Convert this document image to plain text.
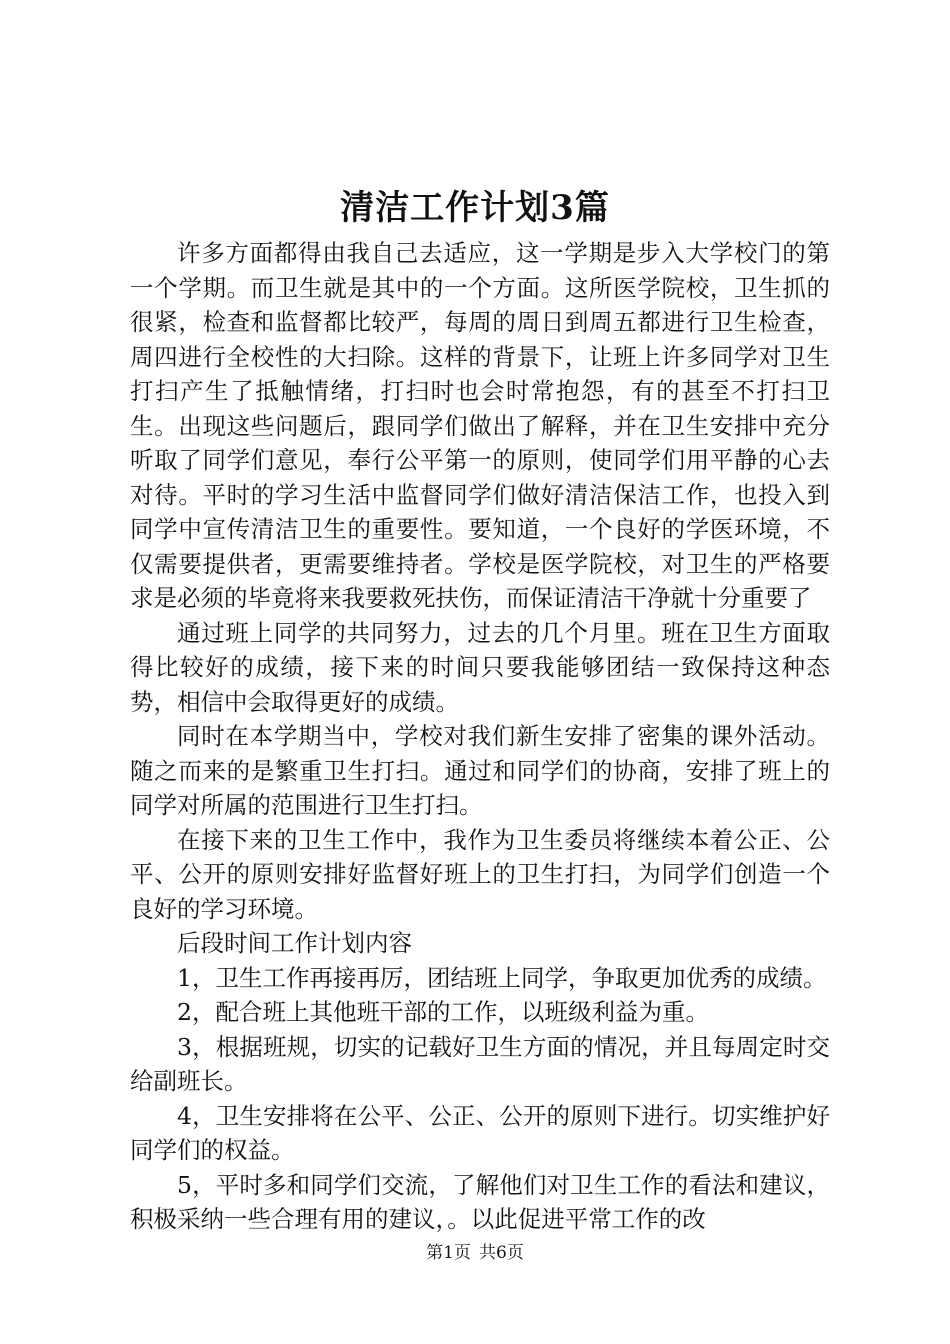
清洁工作计划3篇

许多方面都得由我自己去适应，这一学期是步入大学校门的第一个学期。而卫生就是其中的一个方面。这所医学院校，卫生抓的很紧，检查和监督都比较严，每周的周日到周五都进行卫生检查，周四进行全校性的大扫除。这样的背景下，让班上许多同学对卫生打扫产生了抵触情绪，打扫时也会时常抱怨，有的甚至不打扫卫生。出现这些问题后，跟同学们做出了解释，并在卫生安排中充分听取了同学们意见，奉行公平第一的原则，使同学们用平静的心去对待。平时的学习生活中监督同学们做好清洁保洁工作，也投入到同学中宣传清洁卫生的重要性。要知道，一个良好的学医环境，不仅需要提供者，更需要维持者。学校是医学院校，对卫生的严格要求是必须的毕竟将来我要救死扶伤，而保证清洁干净就十分重要了

通过班上同学的共同努力，过去的几个月里。班在卫生方面取得比较好的成绩，接下来的时间只要我能够团结一致保持这种态势，相信中会取得更好的成绩。

同时在本学期当中，学校对我们新生安排了密集的课外活动。随之而来的是繁重卫生打扫。通过和同学们的协商，安排了班上的同学对所属的范围进行卫生打扫。

在接下来的卫生工作中，我作为卫生委员将继续本着公正、公平、公开的原则安排好监督好班上的卫生打扫，为同学们创造一个良好的学习环境。

后段时间工作计划内容

1，卫生工作再接再厉，团结班上同学，争取更加优秀的成绩。

2，配合班上其他班干部的工作，以班级利益为重。

3，根据班规，切实的记载好卫生方面的情况，并且每周定时交给副班长。

4，卫生安排将在公平、公正、公开的原则下进行。切实维护好同学们的权益。

5，平时多和同学们交流，了解他们对卫生工作的看法和建议，积极采纳一些合理有用的建议，。以此促进平常工作的改

第1页 共6页
